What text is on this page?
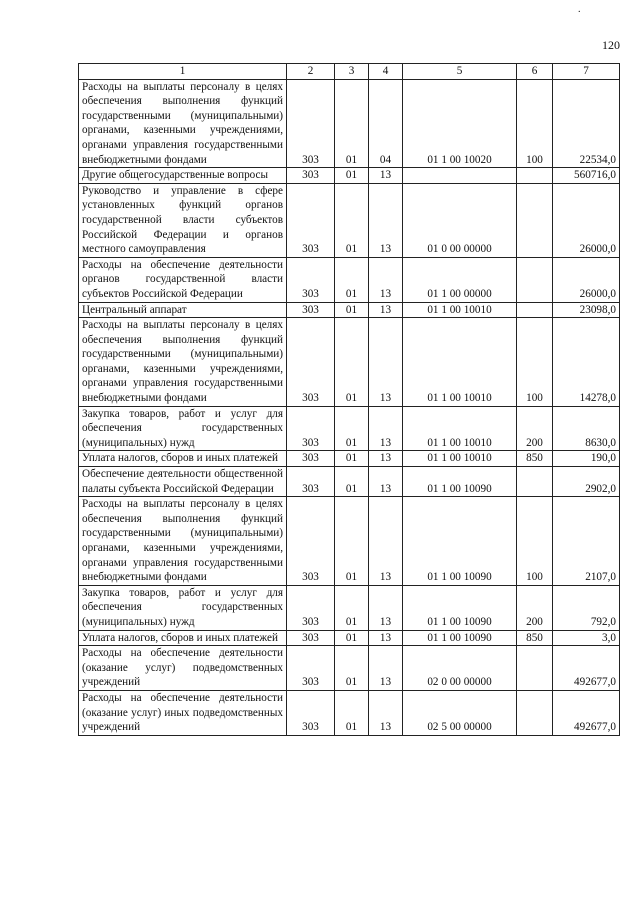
.
120
1	2	3	4	5	6	7
Расходы на выплаты персоналу в целях обеспечения выполнения функций государственными (муниципальными) органами, казенными учреждениями, органами управления государственными внебюджетными фондами	303	01	04	01 1 00 10020	100	22534,0
Другие общегосударственные вопросы	303	01	13			560716,0
Руководство и управление в сфере установленных функций органов государственной власти субъектов Российской Федерации и органов местного самоуправления	303	01	13	01 0 00 00000		26000,0
Расходы на обеспечение деятельности органов государственной власти субъектов Российской Федерации	303	01	13	01 1 00 00000		26000,0
Центральный аппарат	303	01	13	01 1 00 10010		23098,0
Расходы на выплаты персоналу в целях обеспечения выполнения функций государственными (муниципальными) органами, казенными учреждениями, органами управления государственными внебюджетными фондами	303	01	13	01 1 00 10010	100	14278,0
Закупка товаров, работ и услуг для обеспечения государственных (муниципальных) нужд	303	01	13	01 1 00 10010	200	8630,0
Уплата налогов, сборов и иных платежей	303	01	13	01 1 00 10010	850	190,0
Обеспечение деятельности общественной палаты субъекта Российской Федерации	303	01	13	01 1 00 10090		2902,0
Расходы на выплаты персоналу в целях обеспечения выполнения функций государственными (муниципальными) органами, казенными учреждениями, органами управления государственными внебюджетными фондами	303	01	13	01 1 00 10090	100	2107,0
Закупка товаров, работ и услуг для обеспечения государственных (муниципальных) нужд	303	01	13	01 1 00 10090	200	792,0
Уплата налогов, сборов и иных платежей	303	01	13	01 1 00 10090	850	3,0
Расходы на обеспечение деятельности (оказание услуг) подведомственных учреждений	303	01	13	02 0 00 00000		492677,0
Расходы на обеспечение деятельности (оказание услуг) иных подведомственных учреждений	303	01	13	02 5 00 00000		492677,0
